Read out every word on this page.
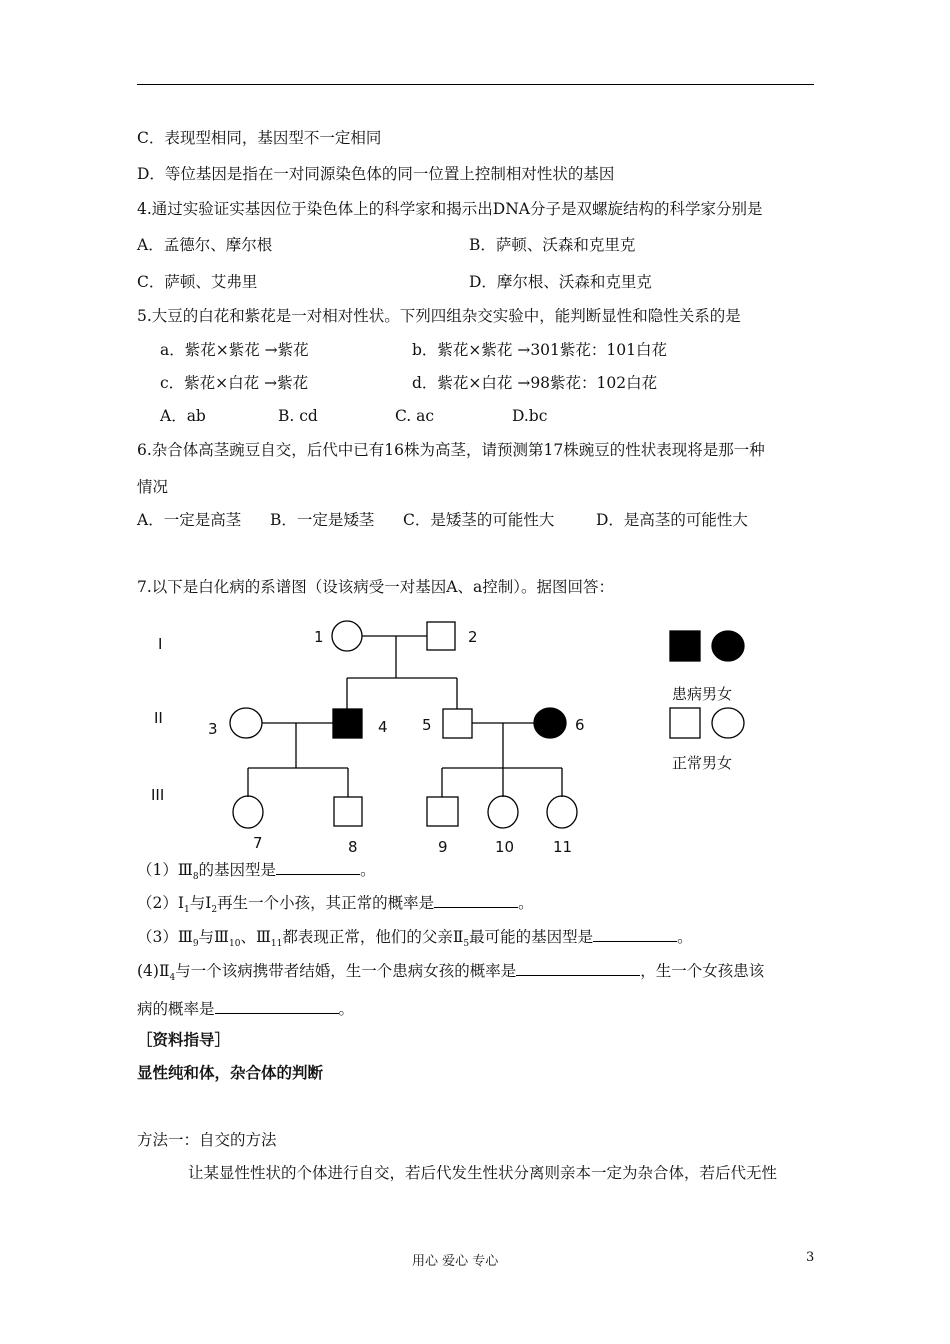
C．表现型相同，基因型不一定相同
D．等位基因是指在一对同源染色体的同一位置上控制相对性状的基因
4.通过实验证实基因位于染色体上的科学家和揭示出DNA分子是双螺旋结构的科学家分别是
A．孟德尔、摩尔根	B．萨顿、沃森和克里克
C．萨顿、艾弗里	D．摩尔根、沃森和克里克
5.大豆的白花和紫花是一对相对性状。下列四组杂交实验中，能判断显性和隐性关系的是
a．紫花×紫花 →紫花	b．紫花×紫花 →301紫花：101白花
c．紫花×白花 →紫花	d．紫花×白花 →98紫花：102白花
A．ab	B. cd	C. ac	D.bc
6.杂合体高茎豌豆自交，后代中已有16株为高茎，请预测第17株豌豆的性状表现将是那一种
情况
A．一定是高茎 B．一定是矮茎 C．是矮茎的可能性大	D．是高茎的可能性大
7.以下是白化病的系谱图（设该病受一对基因A、a控制）。据图回答：
I
II
III
1	2
3	4 5	6
7	8	9	10	11
患病男女
正常男女
$(1)Ⅲ_8$的基因型是	。
$(2)Ⅰ_1$与$Ⅰ_2$再生一个小孩，其正常的概率是	。
$(3)Ⅲ_9$与$Ⅲ_{10}$、$Ⅲ_{11}$都表现正常，他们的父亲$Ⅱ_5$最可能的基因型是	。
$(4)Ⅱ_4$与一个该病携带者结婚，生一个患病女孩的概率是	，生一个女孩患该
病的概率是	。
［资料指导］
显性纯和体，杂合体的判断
方法一：自交的方法
让某显性性状的个体进行自交，若后代发生性状分离则亲本一定为杂合体，若后代无性
用心 爱心 专心	3
